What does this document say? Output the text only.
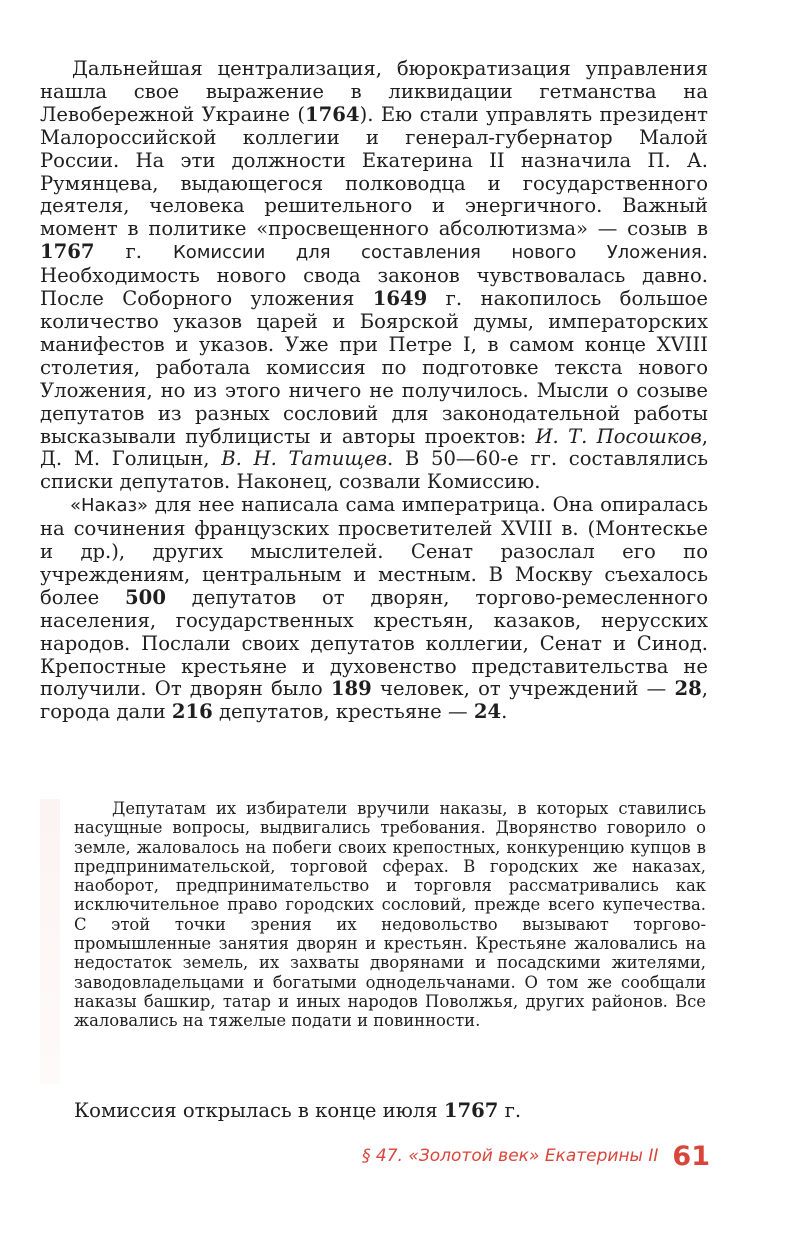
Дальнейшая централизация, бюрократизация управления нашла свое выражение в ликвидации гетманства на Левобережной Украине (1764). Ею стали управлять президент Малороссийской коллегии и генерал-губернатор Малой России. На эти должности Екатерина II назначила П. А. Румянцева, выдающегося полководца и государственного деятеля, человека решительного и энергичного. Важный момент в политике «просвещенного абсолютизма» — созыв в 1767 г. Комиссии для составления нового Уложения. Необходимость нового свода законов чувствовалась давно. После Соборного уложения 1649 г. накопилось большое количество указов царей и Боярской думы, императорских манифестов и указов. Уже при Петре I, в самом конце XVIII столетия, работала комиссия по подготовке текста нового Уложения, но из этого ничего не получилось. Мысли о созыве депутатов из разных сословий для законодательной работы высказывали публицисты и авторы проектов: И. Т. Посошков, Д. М. Голицын, В. Н. Татищев. В 50—60-е гг. составлялись списки депутатов. Наконец, созвали Комиссию.

«Наказ» для нее написала сама императрица. Она опиралась на сочинения французских просветителей XVIII в. (Монтескье и др.), других мыслителей. Сенат разослал его по учреждениям, центральным и местным. В Москву съехалось более 500 депутатов от дворян, торгово-ремесленного населения, государственных крестьян, казаков, нерусских народов. Послали своих депутатов коллегии, Сенат и Синод. Крепостные крестьяне и духовенство представительства не получили. От дворян было 189 человек, от учреждений — 28, города дали 216 депутатов, крестьяне — 24.

Депутатам их избиратели вручили наказы, в которых ставились насущные вопросы, выдвигались требования. Дворянство говорило о земле, жаловалось на побеги своих крепостных, конкуренцию купцов в предпринимательской, торговой сферах. В городских же наказах, наоборот, предпринимательство и торговля рассматривались как исключительное право городских сословий, прежде всего купечества. С этой точки зрения их недовольство вызывают торгово-промышленные занятия дворян и крестьян. Крестьяне жаловались на недостаток земель, их захваты дворянами и посадскими жителями, заводовладельцами и богатыми однодельчанами. О том же сообщали наказы башкир, татар и иных народов Поволжья, других районов. Все жаловались на тяжелые подати и повинности.

Комиссия открылась в конце июля 1767 г.
§ 47. «Золотой век» Екатерины II 61
